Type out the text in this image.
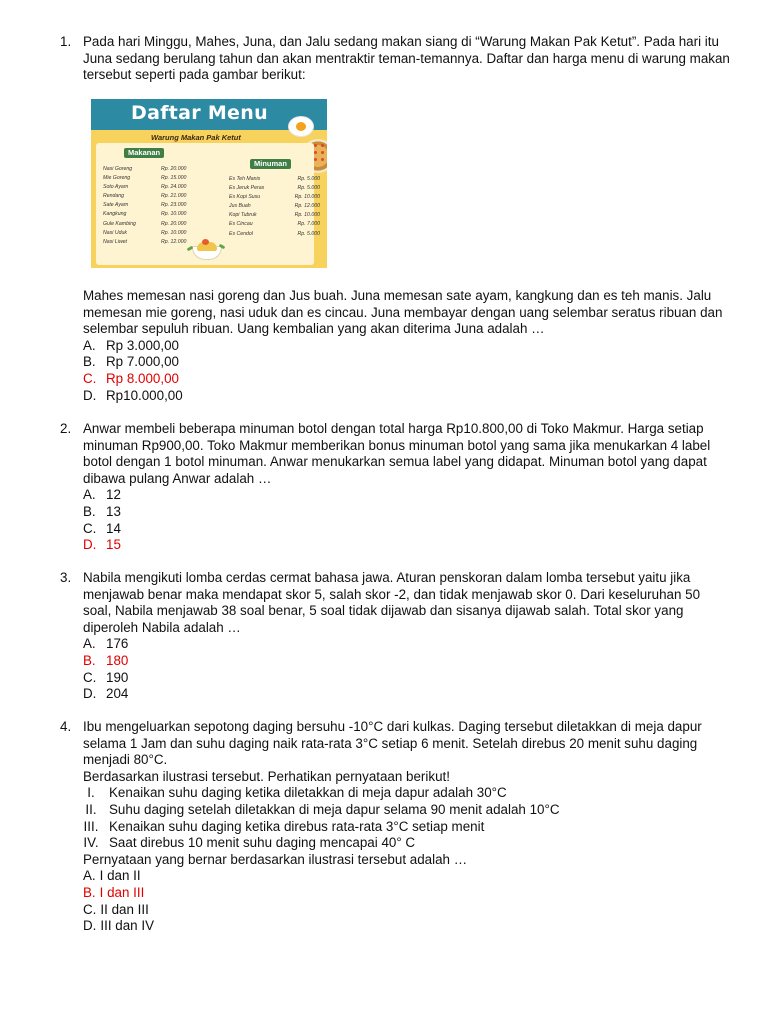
1. Pada hari Minggu, Mahes, Juna, dan Jalu sedang makan siang di “Warung Makan Pak Ketut”. Pada hari itu Juna sedang berulang tahun dan akan mentraktir teman-temannya. Daftar dan harga menu di warung makan tersebut seperti pada gambar berikut:
Daftar Menu
Warung Makan Pak Ketut
Makanan
Minuman
Nasi Goreng	Rp. 20.000
Mie Goreng	Rp. 15.000
Soto Ayam	Rp. 24.000
Rendang	Rp. 21.000
Sate Ayam	Rp. 23.000
Kangkung	Rp. 10.000
Gule Kambing	Rp. 20.000
Nasi Uduk	Rp. 10.000
Nasi Liwet	Rp. 12.000
Es Teh Manis	Rp. 5.000
Es Jeruk Peras	Rp. 5.000
Es Kopi Susu	Rp. 10.000
Jus Buah	Rp. 12.000
Kopi Tubruk	Rp. 10.000
Es Cincau	Rp. 7.000
Es Cendol	Rp. 5.000
Mahes memesan nasi goreng dan Jus buah. Juna memesan sate ayam, kangkung dan es teh manis. Jalu memesan mie goreng, nasi uduk dan es cincau. Juna membayar dengan uang selembar seratus ribuan dan selembar sepuluh ribuan. Uang kembalian yang akan diterima Juna adalah …
A. Rp 3.000,00
B. Rp 7.000,00
C. Rp 8.000,00
D. Rp10.000,00
2. Anwar membeli beberapa minuman botol dengan total harga Rp10.800,00 di Toko Makmur. Harga setiap minuman Rp900,00. Toko Makmur memberikan bonus minuman botol yang sama jika menukarkan 4 label botol dengan 1 botol minuman. Anwar menukarkan semua label yang didapat. Minuman botol yang dapat dibawa pulang Anwar adalah …
A. 12
B. 13
C. 14
D. 15
3. Nabila mengikuti lomba cerdas cermat bahasa jawa. Aturan penskoran dalam lomba tersebut yaitu jika menjawab benar maka mendapat skor 5, salah skor -2, dan tidak menjawab skor 0. Dari keseluruhan 50 soal, Nabila menjawab 38 soal benar, 5 soal tidak dijawab dan sisanya dijawab salah. Total skor yang diperoleh Nabila adalah …
A. 176
B. 180
C. 190
D. 204
4. Ibu mengeluarkan sepotong daging bersuhu -10°C dari kulkas. Daging tersebut diletakkan di meja dapur selama 1 Jam dan suhu daging naik rata-rata 3°C setiap 6 menit. Setelah direbus 20 menit suhu daging menjadi 80°C.
Berdasarkan ilustrasi tersebut. Perhatikan pernyataan berikut!
I.	Kenaikan suhu daging ketika diletakkan di meja dapur adalah 30°C
II. Suhu daging setelah diletakkan di meja dapur selama 90 menit adalah 10°C
III. Kenaikan suhu daging ketika direbus rata-rata 3°C setiap menit
IV. Saat direbus 10 menit suhu daging mencapai 40° C
Pernyataan yang bernar berdasarkan ilustrasi tersebut adalah …
A. I dan II
B. I dan III
C. II dan III
D. III dan IV
